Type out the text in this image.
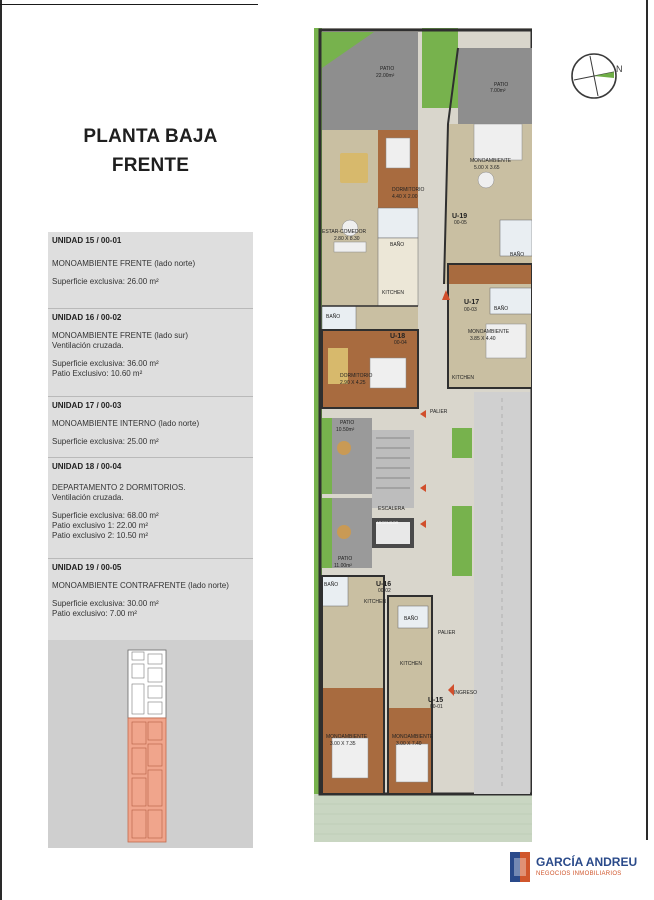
PLANTA BAJA
FRENTE
UNIDAD 15 / 00-01
MONOAMBIENTE FRENTE (lado norte)
Superficie exclusiva: 26.00 m²
UNIDAD 16 / 00-02
MONOAMBIENTE FRENTE (lado sur)
Ventilación cruzada.
Superficie exclusiva: 36.00 m²
Patio Exclusivo: 10.60 m²
UNIDAD 17 / 00-03
MONOAMBIENTE INTERNO (lado norte)
Superficie exclusiva: 25.00 m²
UNIDAD 18 / 00-04
DEPARTAMENTO 2 DORMITORIOS.
Ventilación cruzada.
Superficie exclusiva: 68.00 m²
Patio exclusivo 1: 22.00 m²
Patio exclusivo 2: 10.50 m²
UNIDAD 19 / 00-05
MONOAMBIENTE CONTRAFRENTE (lado norte)
Superficie exclusiva: 30.00 m²
Patio exclusivo: 7.00 m²
PATIO
22.00m²
PATIO
7.00m²
DORMITORIO
4.40 X 2.00
ESTAR-COMEDOR
2.80 X 8.30
BAÑO
KITCHEN
BAÑO
U-18
00-04
DORMITORIO
2.90 X 4.25
MONOAMBIENTE
5.00 X 3.65
U-19
00-05
BAÑO
U-17
00-03	BAÑO
MONOAMBIENTE
3.85 X 4.40
KITCHEN
PALIER
PATIO
10.50m²
ESCALERA
ASCENSOR
PATIO
11.00m²
BAÑO	U-16
00-02
KITCHEN
BAÑO
PALIER
KITCHEN
INGRESO
U-15
00-01
MONOAMBIENTE
3.00 X 7.35
MONOAMBIENTE
3.00 X 7.40
N
GARCÍA ANDREU
NEGOCIOS INMOBILIARIOS
